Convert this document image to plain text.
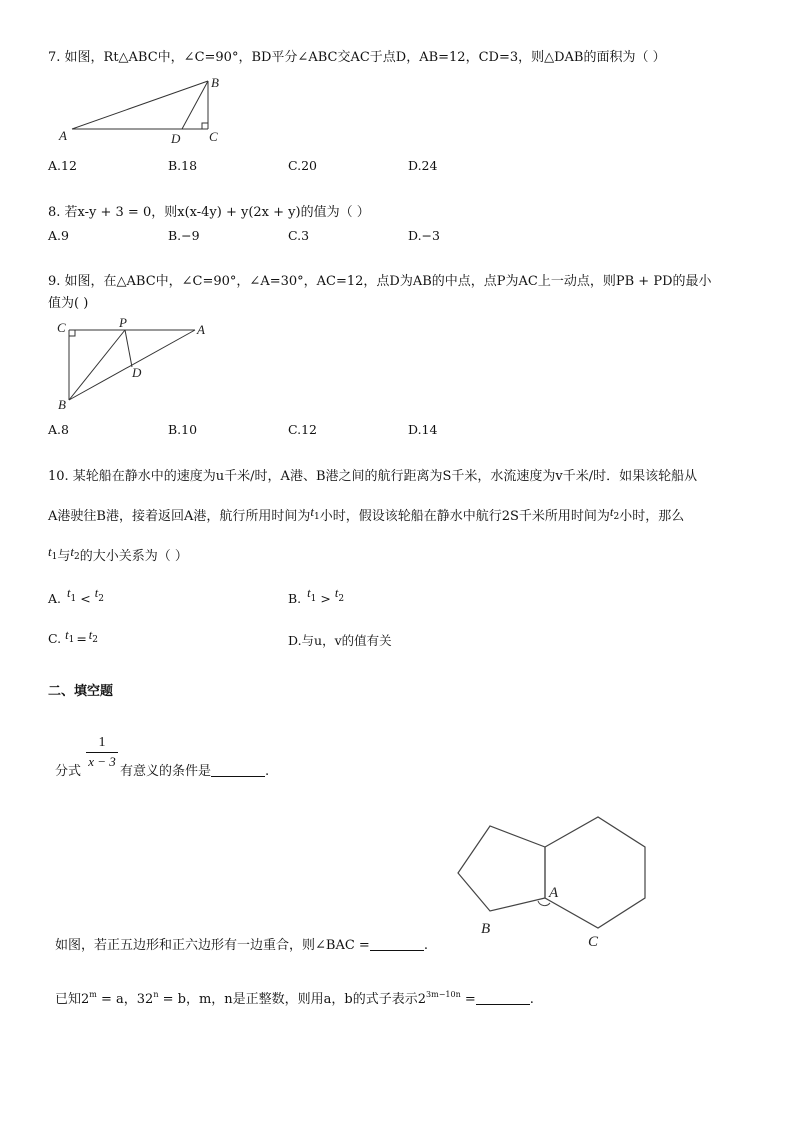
7. 如图，Rt△ABC中，∠C=90°，BD平分∠ABC交AC于点D，AB=12，CD=3，则△DAB的面积为（ ）
A
B
C
D
A.12	B.18	C.20	D.24
8. 若x-y + 3 = 0，则x(x-4y) + y(2x + y)的值为（ ）
A.9	B.−9	C.3	D.−3
9. 如图，在△ABC中，∠C=90°，∠A=30°，AC=12，点D为AB的中点，点P为AC上一动点，则PB + PD的最小
值为( )
C	P	A
D
B
A.8	B.10	C.12	D.14
10. 某轮船在静水中的速度为u千米/时，A港、B港之间的航行距离为S千米，水流速度为v千米/时．如果该轮船从
A港驶往B港，接着返回A港，航行所用时间为t1小时，假设该轮船在静水中航行2S千米所用时间为t2小时，那么
t1与t2的大小关系为（ ）
A. $t^1 < t^2$	B. $t^1 > t^2$
C. t1 = t2	D.与u，v的值有关
二、填空题
分式
$\frac{1}{x - 3}$
有意义的条件是	.
A
B
C
如图，若正五边形和正六边形有一边重合，则∠BAC =	.
已知$2^m = a$，$32^n = b$，m，n是正整数，则用a，b的式子表示$2^{3m-10n}$ =	.
